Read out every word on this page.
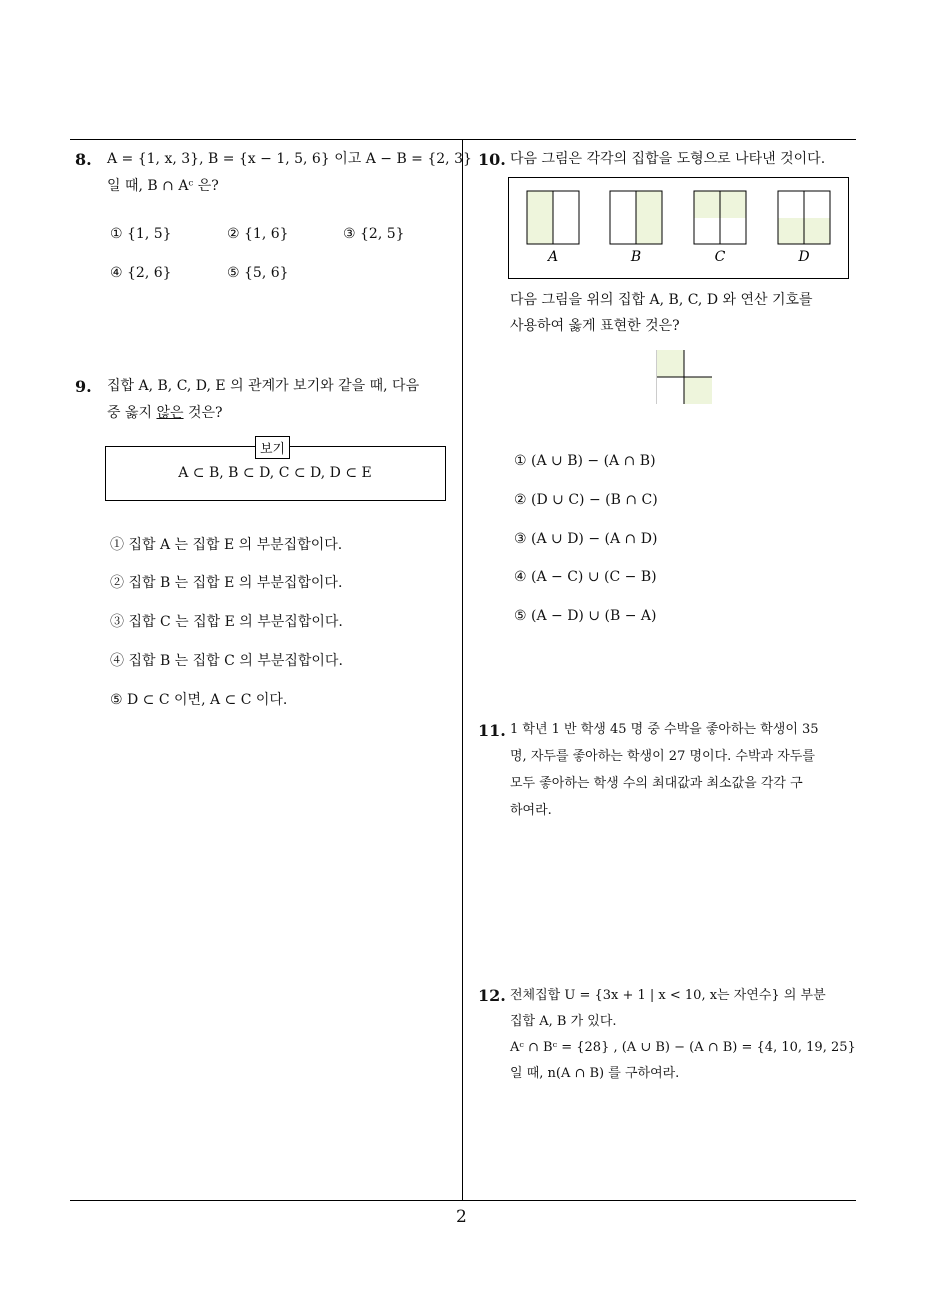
8. A = {1, x, 3}, B = {x − 1, 5, 6} 이고 A − B = {2, 3}
일 때, B ∩ Aᶜ 은?
① {1, 5}	② {1, 6}	③ {2, 5}
④ {2, 6}	⑤ {5, 6}
9. 집합 A, B, C, D, E 의 관계가 보기와 같을 때, 다음
중 옳지 않은 것은?
보기
A ⊂ B, B ⊂ D, C ⊂ D, D ⊂ E
① 집합 A 는 집합 E 의 부분집합이다.
② 집합 B 는 집합 E 의 부분집합이다.
③ 집합 C 는 집합 E 의 부분집합이다.
④ 집합 B 는 집합 C 의 부분집합이다.
⑤ D ⊂ C 이면, A ⊂ C 이다.
10. 다음 그림은 각각의 집합을 도형으로 나타낸 것이다.
A	B	C	D
다음 그림을 위의 집합 A, B, C, D 와 연산 기호를
사용하여 옳게 표현한 것은?
① (A ∪ B) − (A ∩ B)
② (D ∪ C) − (B ∩ C)
③ (A ∪ D) − (A ∩ D)
④ (A − C) ∪ (C − B)
⑤ (A − D) ∪ (B − A)
11. 1 학년 1 반 학생 45 명 중 수박을 좋아하는 학생이 35
명, 자두를 좋아하는 학생이 27 명이다. 수박과 자두를
모두 좋아하는 학생 수의 최대값과 최소값을 각각 구
하여라.
12. 전체집합 U = {3x + 1 | x < 10, x는 자연수} 의 부분
집합 A, B 가 있다.
Aᶜ ∩ Bᶜ = {28} , (A ∪ B) − (A ∩ B) = {4, 10, 19, 25}
일 때, n(A ∩ B) 를 구하여라.
2
